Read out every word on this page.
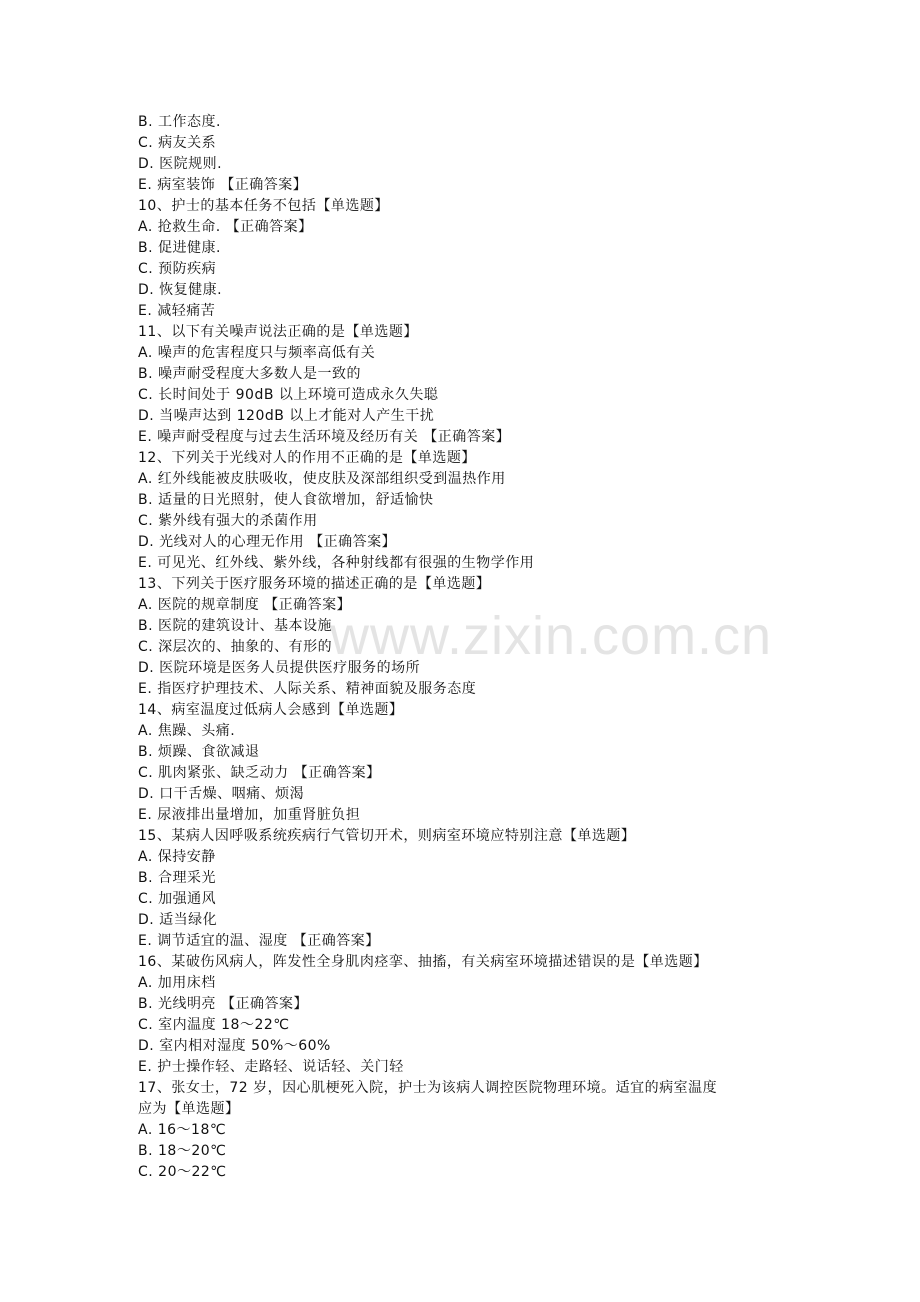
www.zixin.com.cn
B. 工作态度.
C. 病友关系
D. 医院规则.
E. 病室装饰 【正确答案】
10、护士的基本任务不包括【单选题】
A. 抢救生命. 【正确答案】
B. 促进健康.
C. 预防疾病
D. 恢复健康.
E. 减轻痛苦
11、以下有关噪声说法正确的是【单选题】
A. 噪声的危害程度只与频率高低有关
B. 噪声耐受程度大多数人是一致的
C. 长时间处于 90dB 以上环境可造成永久失聪
D. 当噪声达到 120dB 以上才能对人产生干扰
E. 噪声耐受程度与过去生活环境及经历有关 【正确答案】
12、下列关于光线对人的作用不正确的是【单选题】
A. 红外线能被皮肤吸收，使皮肤及深部组织受到温热作用
B. 适量的日光照射，使人食欲增加，舒适愉快
C. 紫外线有强大的杀菌作用
D. 光线对人的心理无作用 【正确答案】
E. 可见光、红外线、紫外线，各种射线都有很强的生物学作用
13、下列关于医疗服务环境的描述正确的是【单选题】
A. 医院的规章制度 【正确答案】
B. 医院的建筑设计、基本设施
C. 深层次的、抽象的、有形的
D. 医院环境是医务人员提供医疗服务的场所
E. 指医疗护理技术、人际关系、精神面貌及服务态度
14、病室温度过低病人会感到【单选题】
A. 焦躁、头痛.
B. 烦躁、食欲减退
C. 肌肉紧张、缺乏动力 【正确答案】
D. 口干舌燥、咽痛、烦渴
E. 尿液排出量增加，加重肾脏负担
15、某病人因呼吸系统疾病行气管切开术，则病室环境应特别注意【单选题】
A. 保持安静
B. 合理采光
C. 加强通风
D. 适当绿化
E. 调节适宜的温、湿度 【正确答案】
16、某破伤风病人，阵发性全身肌肉痉挛、抽搐，有关病室环境描述错误的是【单选题】
A. 加用床档
B. 光线明亮 【正确答案】
C. 室内温度 18～22℃
D. 室内相对湿度 50%～60%
E. 护士操作轻、走路轻、说话轻、关门轻
17、张女士，72 岁，因心肌梗死入院，护士为该病人调控医院物理环境。适宜的病室温度
应为【单选题】
A. 16～18℃
B. 18～20℃
C. 20～22℃
